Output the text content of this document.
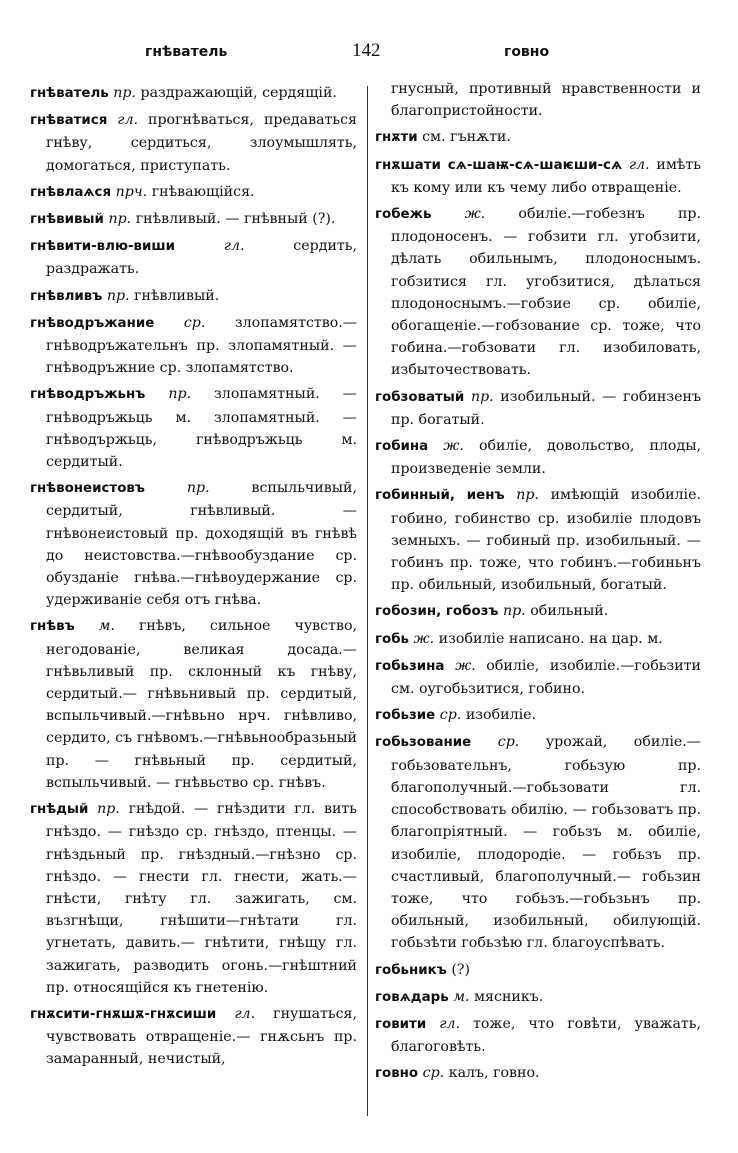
гнѣватель	142	говно

гнѣватель пр. раздражающій, сердящій.

гнѣватися гл. прогнѣваться, предаваться гнѣву, сердиться, злоумышлять, домогаться, приступать.

гнѣвлаѧся прч. гнѣвающійся.

гнѣвивый пр. гнѣвливый. — гнѣвный (?).

гнѣвити-влю-виши	гл. сердить, раздражать.

гнѣвливъ пр. гнѣвливый.

гнѣводръжание ср. злопамятство.— гнѣводръжательнъ пр. злопамятный. — гнѣводръжние ср. злопамятство.

гнѣводръжьнъ пр. злопамятный. — гнѣводръжьць м. злопамятный. — гнѣводържьць, гнѣводръжьць м. сердитый.

гнѣвонеистовъ	пр. вспыльчивый, сердитый, гнѣвливый. — гнѣвонеистовый пр. доходящій въ гнѣвѣ до неистовства.—гнѣвообуздание ср. обузданіе гнѣва.—гнѣвоудержание ср. удерживаніе себя отъ гнѣва.

гнѣвъ м. гнѣвъ, сильное чувство, негодованіе, великая досада.—гнѣвьливый пр. склонный къ гнѣву, сердитый.— гнѣвьнивый пр. сердитый, вспыльчивый.—гнѣвьно нрч. гнѣвливо, сердито, съ гнѣвомъ.—гнѣвьнообразьный пр. — гнѣвьный пр. сердитый, вспыльчивый. — гнѣвьство ср. гнѣвъ.

гнѣдый пр. гнѣдой. — гнѣздити гл. вить гнѣздо. — гнѣздо ср. гнѣздо, птенцы. — гнѣздьный пр. гнѣздный.—гнѣзно ср. гнѣздо. — гнести гл. гнести, жать.—гнѣсти, гнѣту гл. зажигать, см. възгнѣщи, гнѣшити—гнѣтати гл. угнетать, давить.— гнѣтити, гнѣщу гл. зажигать, разводить огонь.—гнѣштний пр. относящійся къ гнетенію.

гнѫсити-гнѫшѫ-гнѫсиши гл. гнушаться, чувствовать отвращеніе.— гнѫсьнъ пр. замаранный, нечистый,

гнусный, противный нравственности и благопристойности.

гнѫти см. гънѫти.

гнѫшати сѧ-шаѭ-сѧ-шаѥши-сѧ гл. имѣть къ кому или къ чему либо отвращеніе.

гобежь ж. обиліе.—гобезнъ пр. плодоносенъ. — гобзити гл. угобзити, дѣлать обильнымъ, плодоноснымъ. гобзитися гл. угобзитися, дѣлаться плодоноснымъ.—гобзие ср. обиліе, обогащеніе.—гобзование ср. тоже, что гобина.—гобзовати гл. изобиловать, избыточествовать.

гобзоватый пр. изобильный. — гобинзенъ пр. богатый.

гобина ж. обиліе, довольство, плоды, произведеніе земли.

гобинный, иенъ пр. имѣющій изобиліе. гобино, гобинство ср. изобиліе плодовъ земныхъ. — гобиный пр. изобильный. — гобинъ пр. тоже, что гобинъ.—гобиньнъ пр. обильный, изобильный, богатый.

гобозин, гобозъ пр. обильный.

гобь ж. изобиліе написано. на цар. м.

гобьзина ж. обиліе, изобиліе.—гобьзити см. оугобьзитися, гобино.

гобьзие ср. изобиліе.

гобьзование ср. урожай, обиліе.— гобьзовательнъ, гобьзую пр. благополучный.—гобьзовати гл. способствовать обилію. — гобьзоватъ пр. благопріятный. — гобьзъ м. обиліе, изобиліе, плодородіе. — гобьзъ пр. счастливый, благополучный.— гобьзин тоже, что гобьзъ.—гобьзьнъ пр. обильный, изобильный, обилующій. гобьзѣти гобьзѣю гл. благоуспѣвать.

гобьникъ (?)

говѧдарь м. мясникъ.

говити гл. тоже, что говѣти, уважать, благоговѣть.

говно ср. калъ, говно.
